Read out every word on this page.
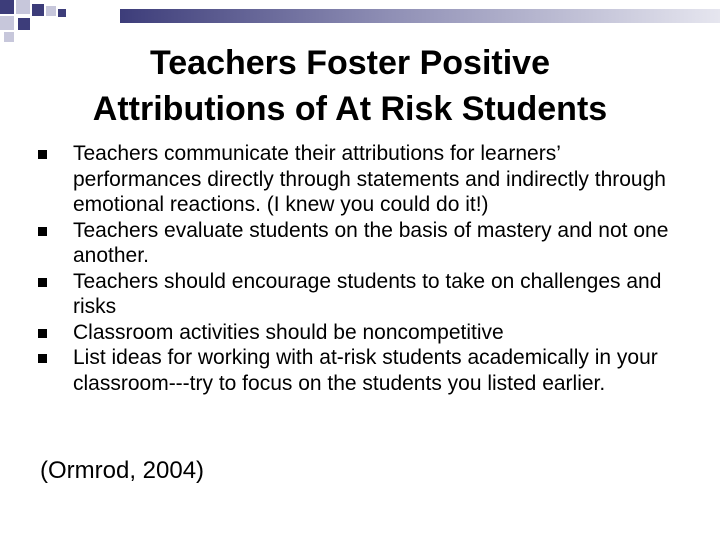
Teachers Foster Positive
Attributions of At Risk Students
Teachers communicate their attributions for learners’ performances directly through statements and indirectly through emotional reactions. (I knew you could do it!)
Teachers evaluate students on the basis of mastery and not one another.
Teachers should encourage students to take on challenges and risks
Classroom activities should be noncompetitive
List ideas for working with at-risk students academically in your classroom---try to focus on the students you listed earlier.
(Ormrod, 2004)
